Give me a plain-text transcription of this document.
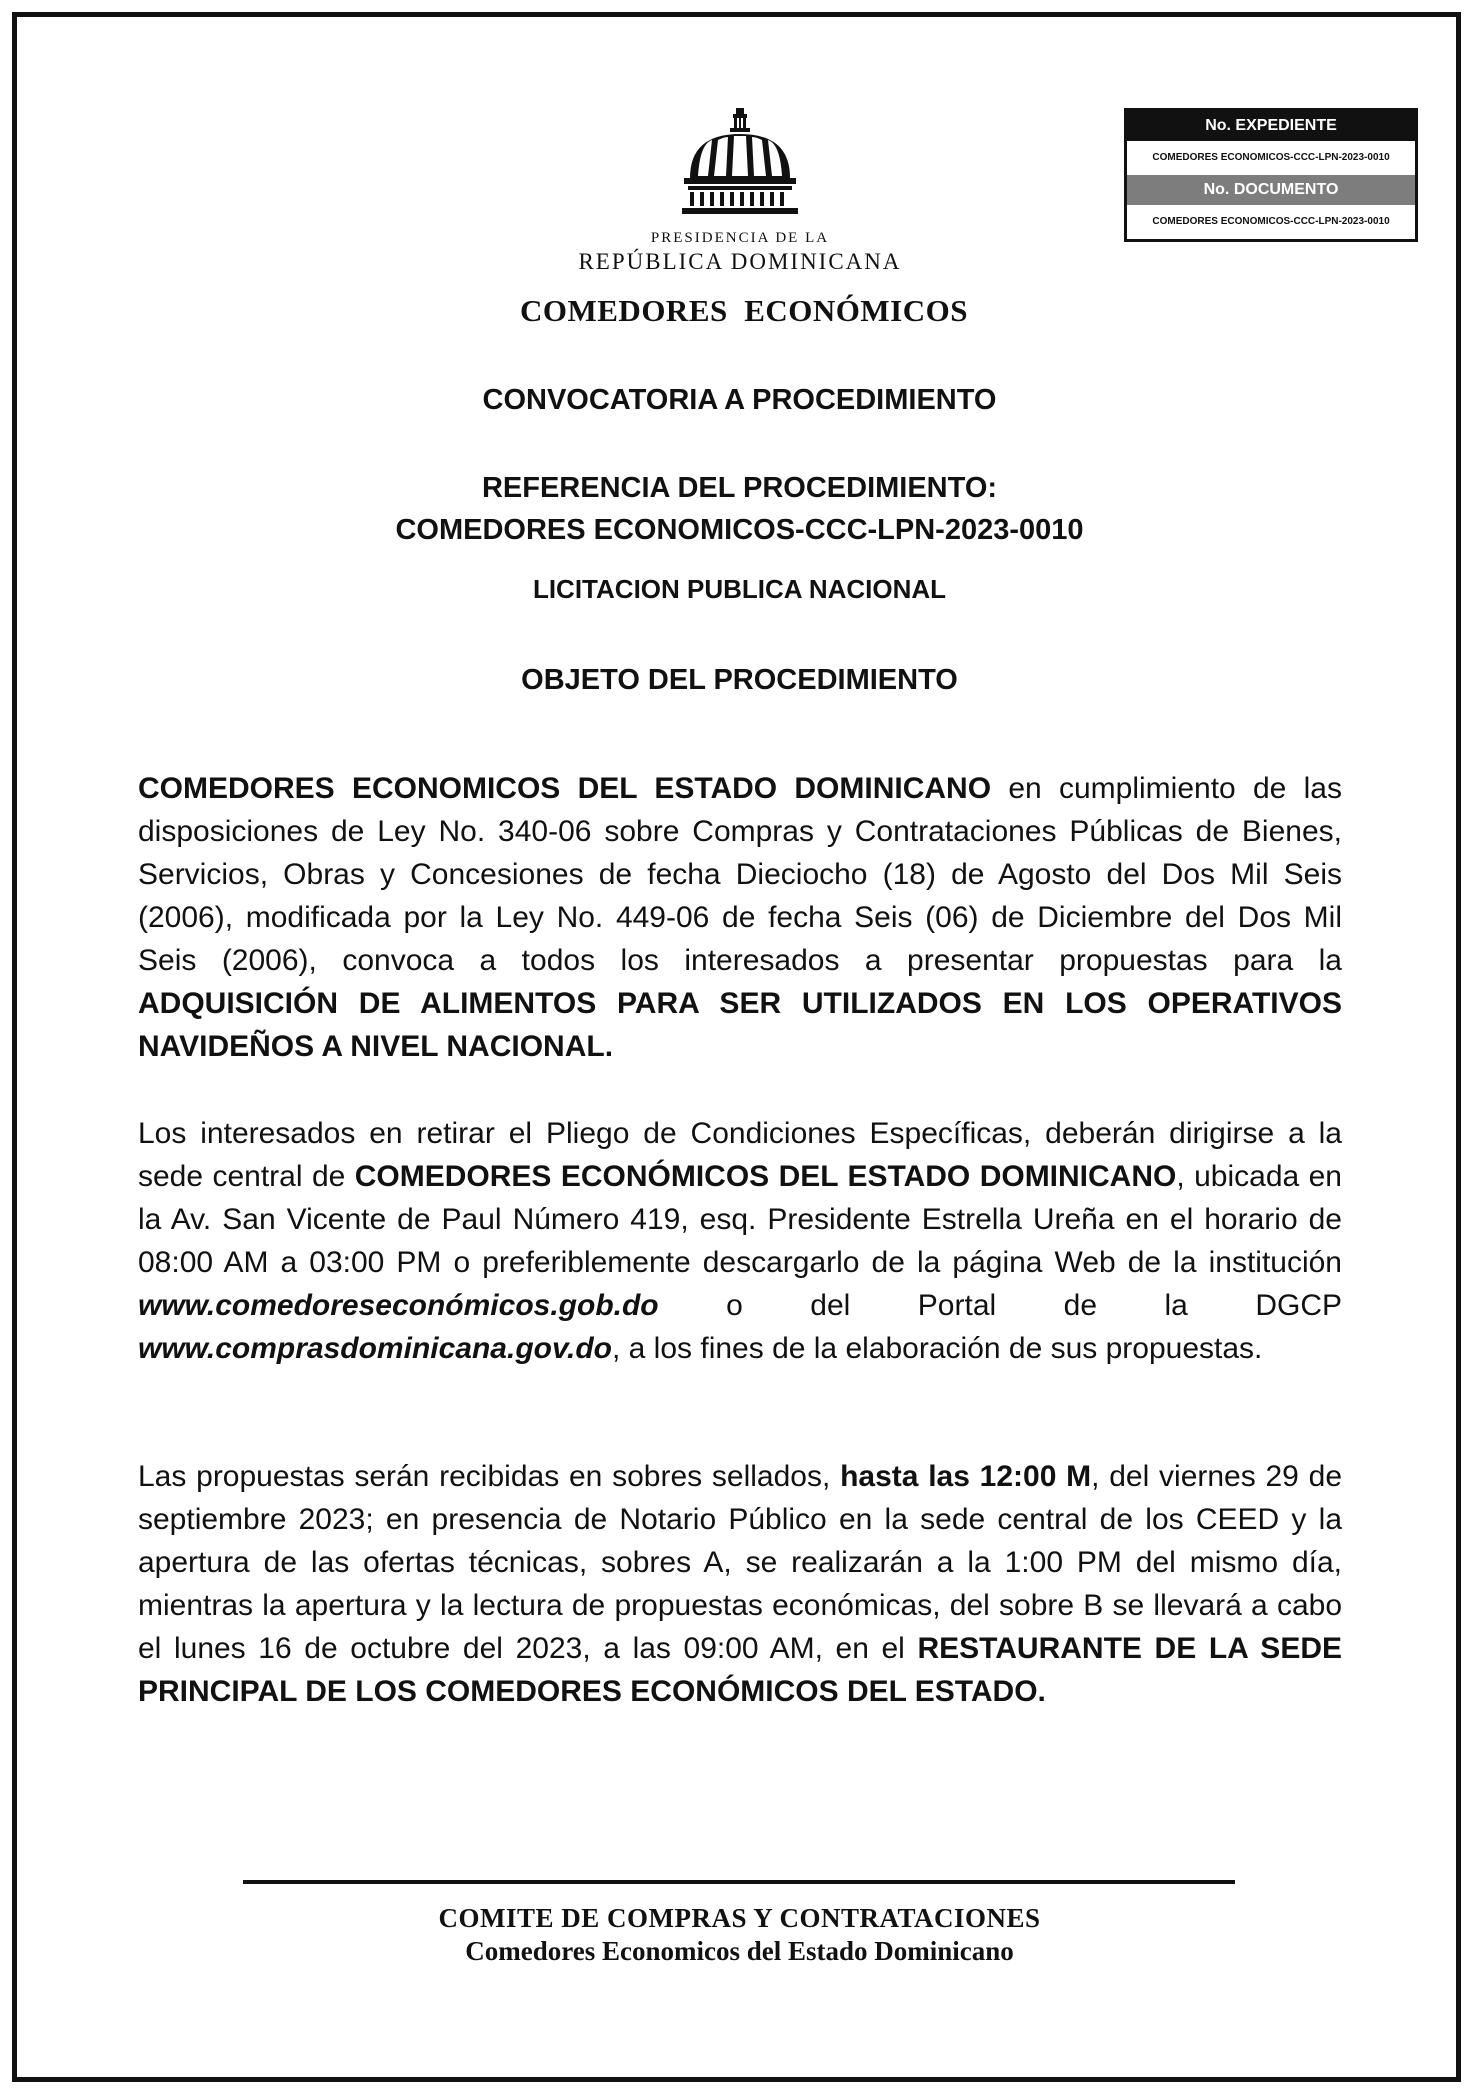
PRESIDENCIA DE LA
REPÚBLICA DOMINICANA
COMEDORES  ECONÓMICOS
No. EXPEDIENTE
COMEDORES ECONOMICOS-CCC-LPN-2023-0010
No. DOCUMENTO
COMEDORES ECONOMICOS-CCC-LPN-2023-0010
CONVOCATORIA A PROCEDIMIENTO
REFERENCIA DEL PROCEDIMIENTO:
COMEDORES ECONOMICOS-CCC-LPN-2023-0010
LICITACION PUBLICA NACIONAL
OBJETO DEL PROCEDIMIENTO
COMEDORES ECONOMICOS DEL ESTADO DOMINICANO en cumplimiento de las disposiciones de Ley No. 340-06 sobre Compras y Contrataciones Públicas de Bienes, Servicios, Obras y Concesiones de fecha Dieciocho (18) de Agosto del Dos Mil Seis (2006), modificada por la Ley No. 449-06 de fecha Seis (06) de Diciembre del Dos Mil Seis (2006), convoca a todos los interesados a presentar propuestas para la ADQUISICIÓN DE ALIMENTOS PARA SER UTILIZADOS EN LOS OPERATIVOS NAVIDEÑOS A NIVEL NACIONAL.
Los interesados en retirar el Pliego de Condiciones Específicas, deberán dirigirse a la sede central de COMEDORES ECONÓMICOS DEL ESTADO DOMINICANO, ubicada en la Av. San Vicente de Paul Número 419, esq. Presidente Estrella Ureña en el horario de 08:00 AM a 03:00 PM o preferiblemente descargarlo de la página Web de la institución www.comedoreseconómicos.gob.do o del Portal de la DGCP www.comprasdominicana.gov.do, a los fines de la elaboración de sus propuestas.
Las propuestas serán recibidas en sobres sellados, hasta las 12:00 M, del viernes 29 de septiembre 2023; en presencia de Notario Público en la sede central de los CEED y la apertura de las ofertas técnicas, sobres A, se realizarán a la 1:00 PM del mismo día, mientras la apertura y la lectura de propuestas económicas, del sobre B se llevará a cabo el lunes 16 de octubre del 2023, a las 09:00 AM, en el RESTAURANTE DE LA SEDE PRINCIPAL DE LOS COMEDORES ECONÓMICOS DEL ESTADO.
COMITE DE COMPRAS Y CONTRATACIONES
Comedores Economicos del Estado Dominicano
